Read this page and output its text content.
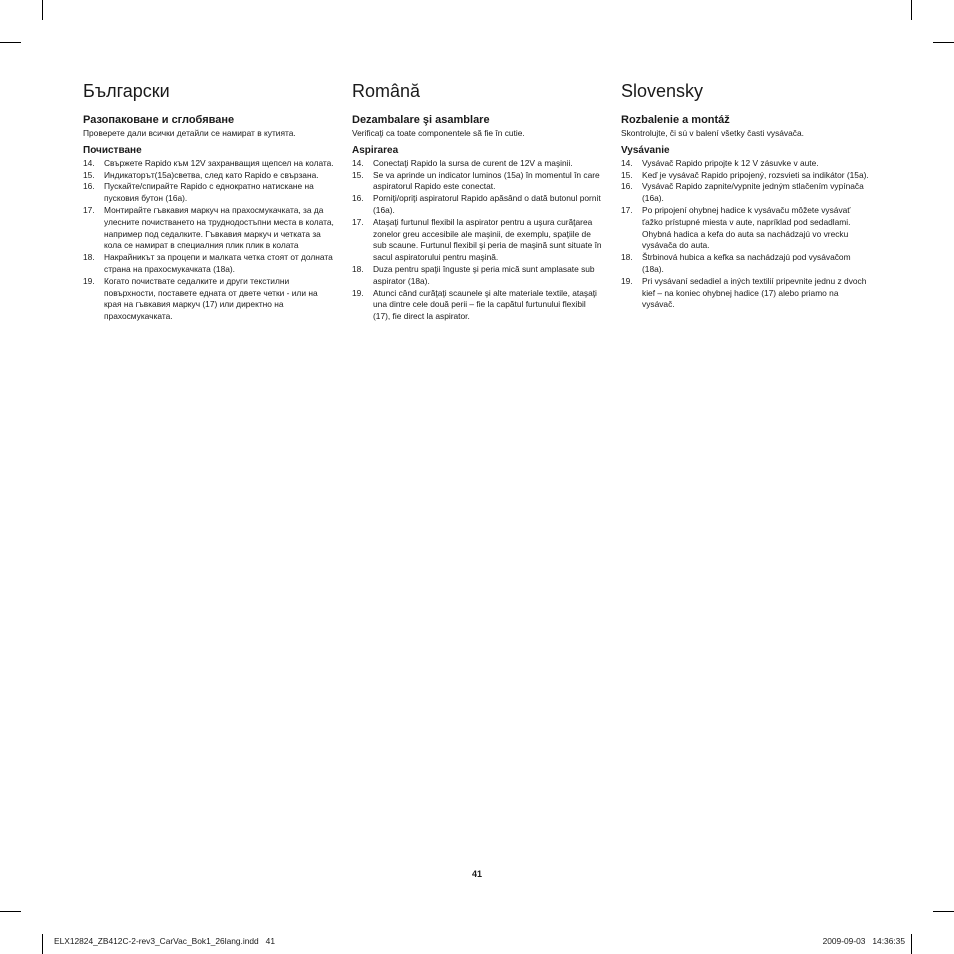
Български
Разопаковане и сглобяване

Проверете дали всички детайли се намират в кутията.

Почистване
14. Свържете Rapido към 12V захранващия щепсел на колата.
15. Индикаторът(15a)светва, след като Rapido е свързана.
16. Пускайте/спирайте Rapido с еднократно натискане на пусковия бутон (16a).
17. Монтирайте гъвкавия маркуч на прахосмукачката, за да улесните почистването на труднодостъпни места в колата, например под седалките. Гъвкавия маркуч и четката за кола се намират в специалния плик плик в колата
18. Накрайникът за процепи и малката четка стоят от долната страна на прахосмукачката (18a).
19. Когато почиствате седалките и други текстилни повърхности, поставете едната от двете четки - или на края на гъвкавия маркуч (17) или директно на прахосмукачката.
Română
Dezambalare şi asamblare

Verificaţi ca toate componentele să fie în cutie.

Aspirarea
14. Conectaţi Rapido la sursa de curent de 12V a maşinii.
15. Se va aprinde un indicator luminos (15a) în momentul în care aspiratorul Rapido este conectat.
16. Porniţi/opriţi aspiratorul Rapido apăsând o dată butonul pornit (16a).
17. Ataşaţi furtunul flexibil la aspirator pentru a uşura curăţarea zonelor greu accesibile ale maşinii, de exemplu, spaţiile de sub scaune. Furtunul flexibil şi peria de maşină sunt situate în sacul aspiratorului pentru maşină.
18. Duza pentru spaţii înguste şi peria mică sunt amplasate sub aspirator (18a).
19. Atunci când curăţaţi scaunele şi alte materiale textile, ataşaţi una dintre cele două perii – fie la capătul furtunului flexibil (17), fie direct la aspirator.
Slovensky
Rozbalenie a montáž

Skontrolujte, či sú v balení všetky časti vysávača.

Vysávanie
14. Vysávač Rapido pripojte k 12 V zásuvke v aute.
15. Keď je vysávač Rapido pripojený, rozsvieti sa indikátor (15a).
16. Vysávač Rapido zapnite/vypnite jedným stlačením vypínača (16a).
17. Po pripojení ohybnej hadice k vysávaču môžete vysávať ťažko prístupné miesta v aute, napríklad pod sedadlami. Ohybná hadica a kefa do auta sa nachádzajú vo vrecku vysávača do auta.
18. Štrbinová hubica a kefka sa nachádzajú pod vysávačom (18a).
19. Pri vysávaní sedadiel a iných textilií pripevnite jednu z dvoch kief – na koniec ohybnej hadice (17) alebo priamo na vysávač.
41
ELX12824_ZB412C-2-rev3_CarVac_Bok1_26lang.indd   41	2009-09-03   14:36:35
